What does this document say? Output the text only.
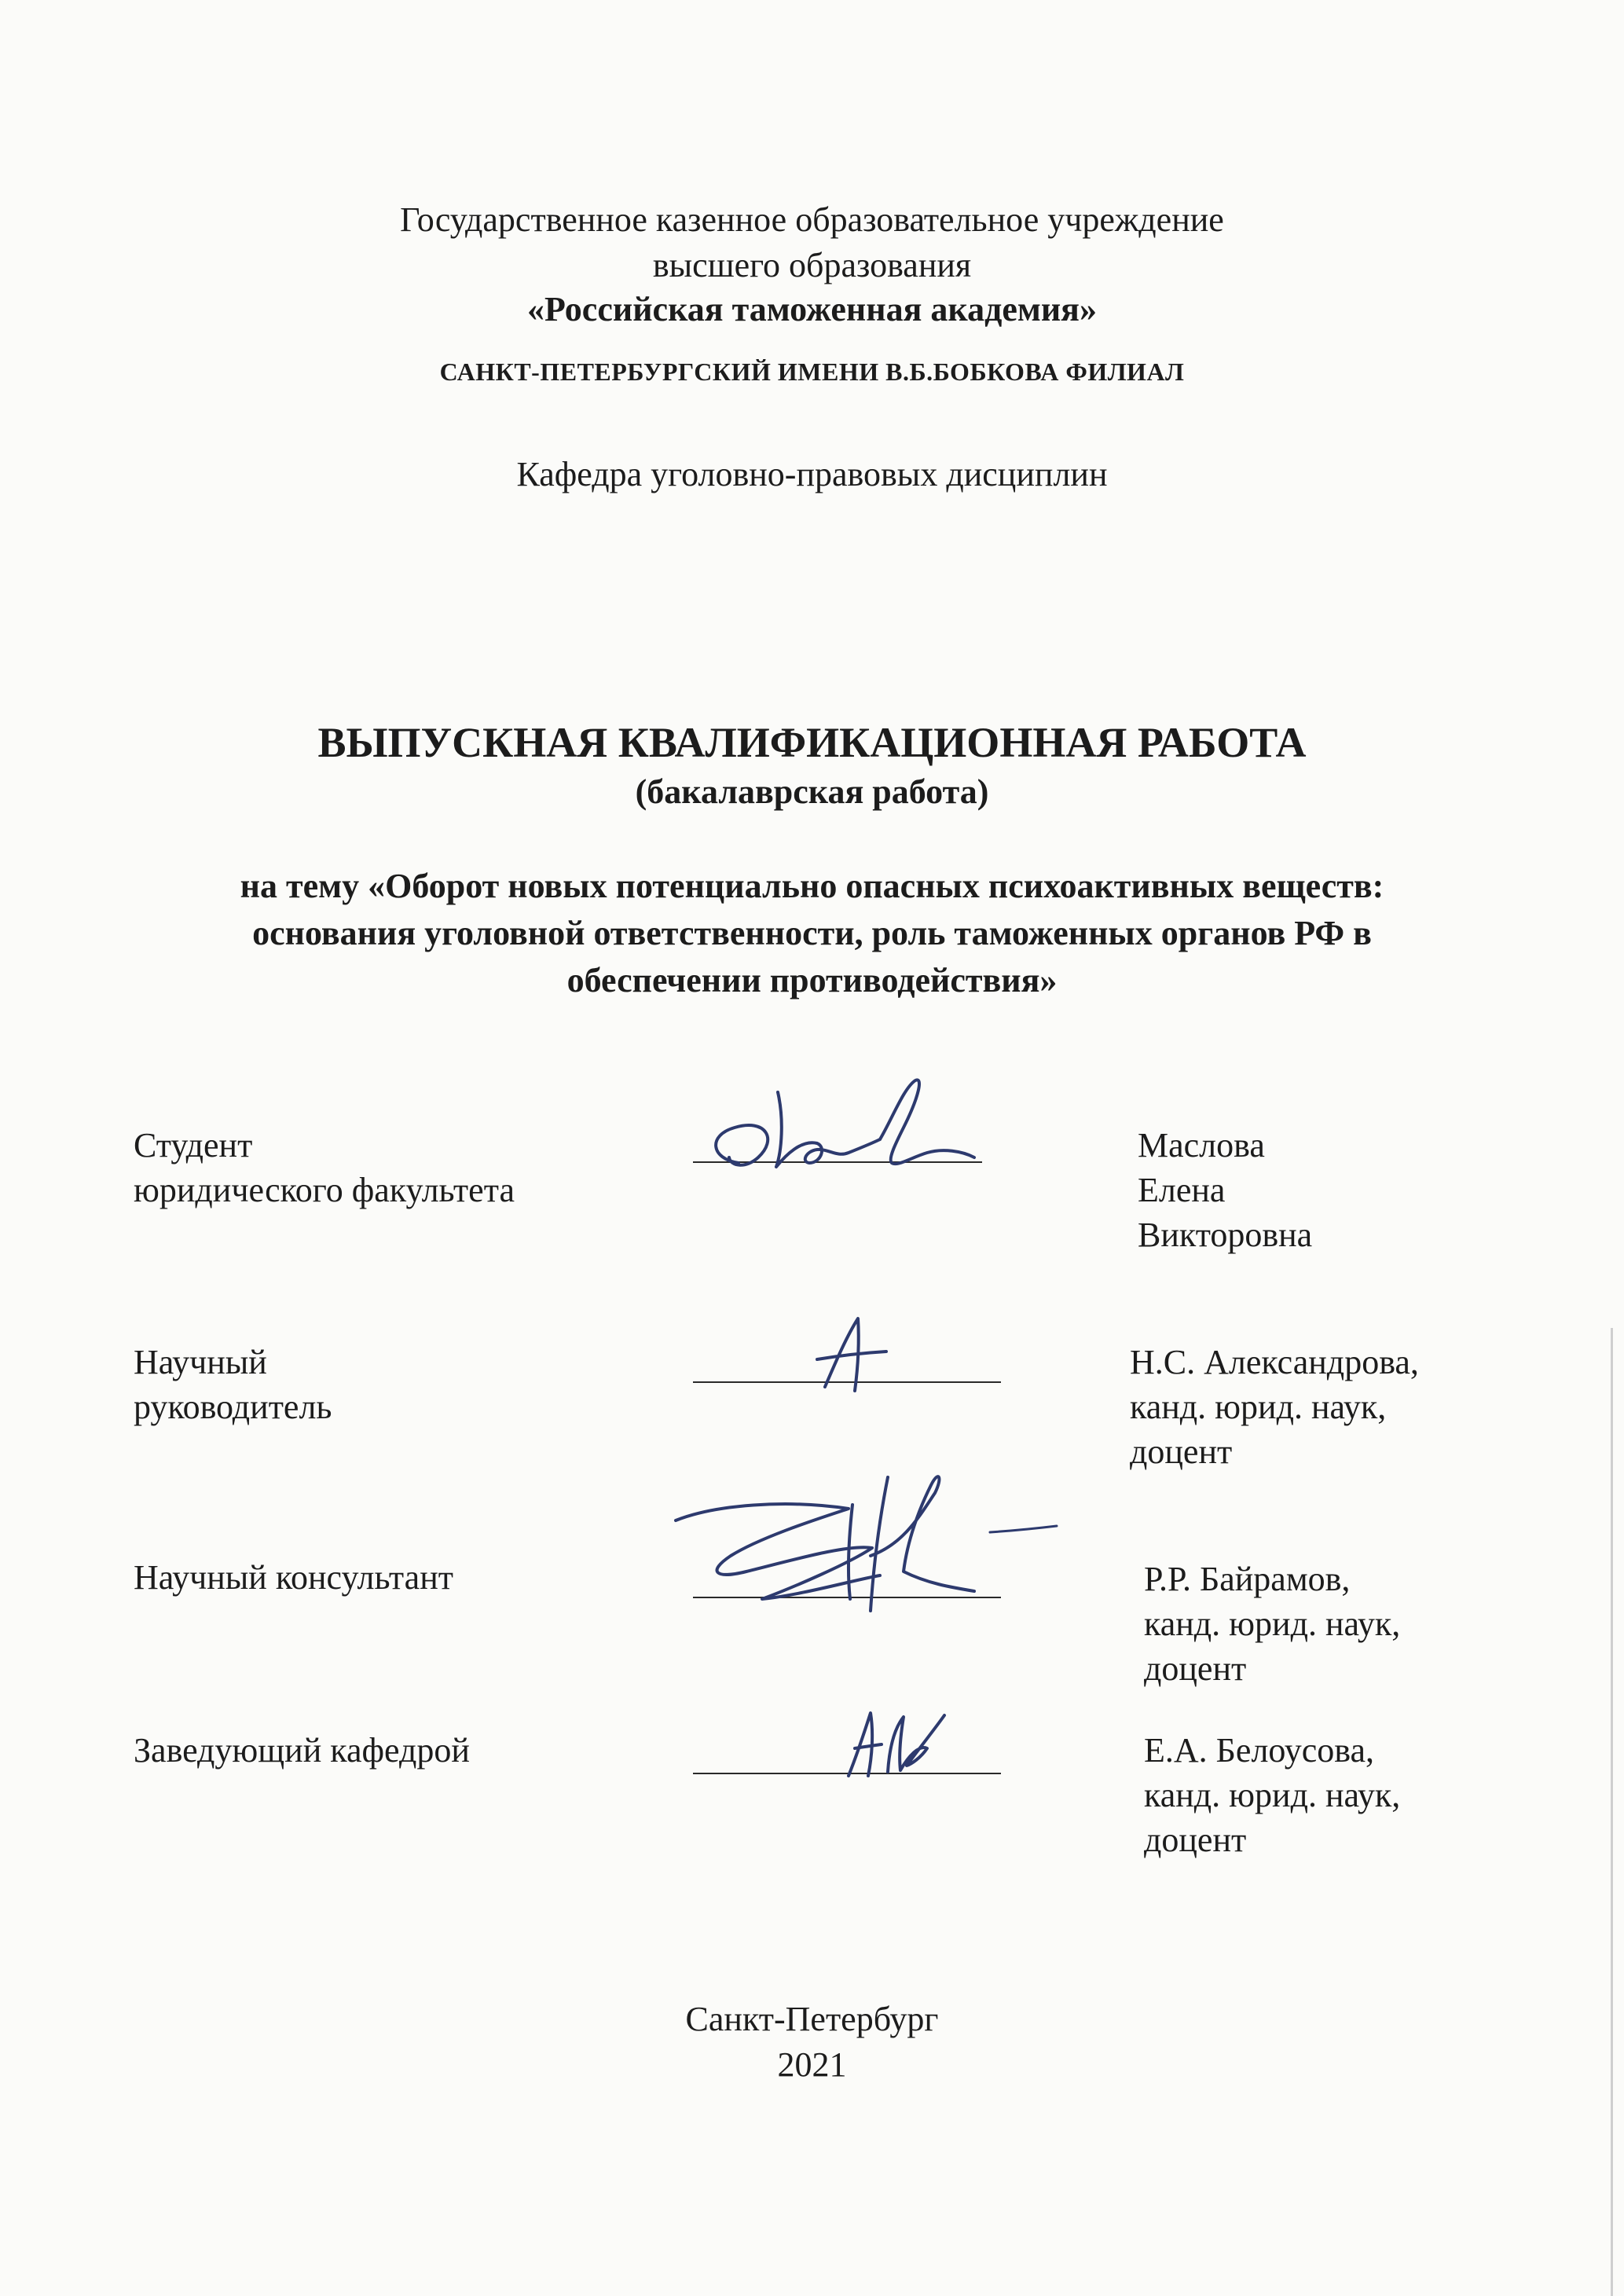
Государственное казенное образовательное учреждение
высшего образования
«Российская таможенная академия»
САНКТ-ПЕТЕРБУРГСКИЙ ИМЕНИ В.Б.БОБКОВА ФИЛИАЛ
Кафедра уголовно-правовых дисциплин
ВЫПУСКНАЯ КВАЛИФИКАЦИОННАЯ РАБОТА
(бакалаврская работа)
на тему «Оборот новых потенциально опасных психоактивных веществ:
основания уголовной ответственности, роль таможенных органов РФ в
обеспечении противодействия»
Студент
юридического факультета
Маслова
Елена
Викторовна
Научный
руководитель
Н.С. Александрова,
канд. юрид. наук,
доцент
Научный консультант	Р.Р. Байрамов,
канд. юрид. наук,
доцент
Заведующий кафедрой	Е.А. Белоусова,
канд. юрид. наук,
доцент
Санкт-Петербург
2021
